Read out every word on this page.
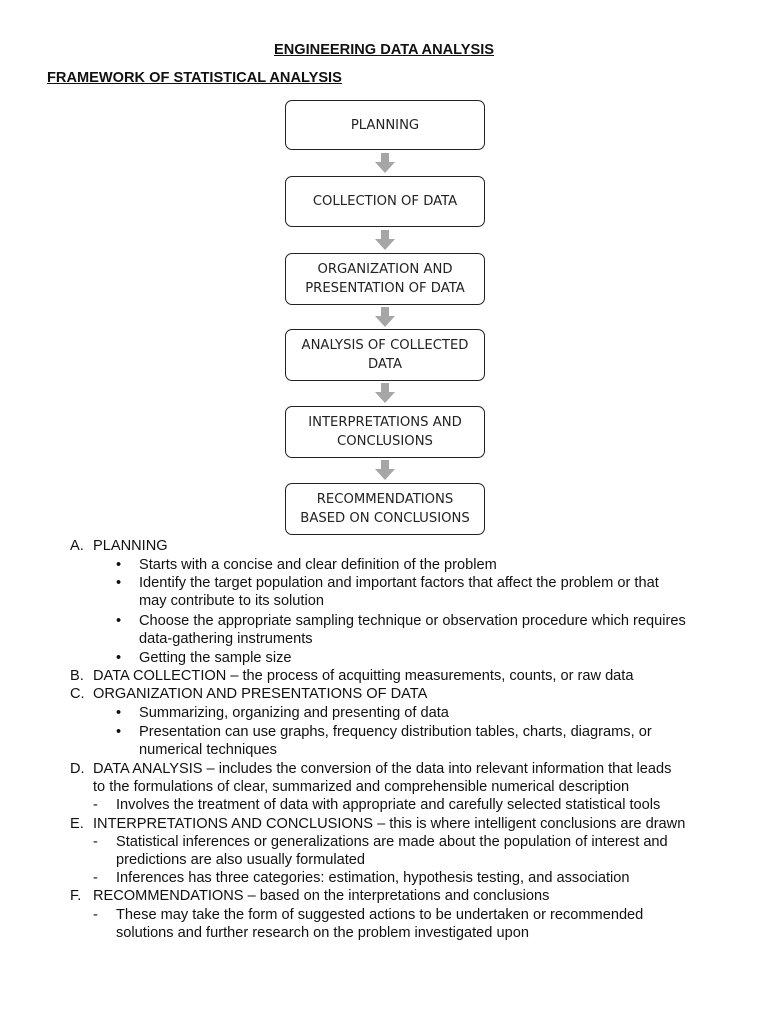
ENGINEERING DATA ANALYSIS
FRAMEWORK OF STATISTICAL ANALYSIS
PLANNING
COLLECTION OF DATA
ORGANIZATION AND
PRESENTATION OF DATA
ANALYSIS OF COLLECTED
DATA
INTERPRETATIONS AND
CONCLUSIONS
RECOMMENDATIONS
BASED ON CONCLUSIONS
A. PLANNING
• Starts with a concise and clear definition of the problem
• Identify the target population and important factors that affect the problem or that
may contribute to its solution
• Choose the appropriate sampling technique or observation procedure which requires
data-gathering instruments
• Getting the sample size
B. DATA COLLECTION – the process of acquitting measurements, counts, or raw data
C. ORGANIZATION AND PRESENTATIONS OF DATA
• Summarizing, organizing and presenting of data
• Presentation can use graphs, frequency distribution tables, charts, diagrams, or
numerical techniques
D. DATA ANALYSIS – includes the conversion of the data into relevant information that leads
to the formulations of clear, summarized and comprehensible numerical description
- Involves the treatment of data with appropriate and carefully selected statistical tools
E. INTERPRETATIONS AND CONCLUSIONS – this is where intelligent conclusions are drawn
- Statistical inferences or generalizations are made about the population of interest and
predictions are also usually formulated
- Inferences has three categories: estimation, hypothesis testing, and association
F. RECOMMENDATIONS – based on the interpretations and conclusions
- These may take the form of suggested actions to be undertaken or recommended
solutions and further research on the problem investigated upon
